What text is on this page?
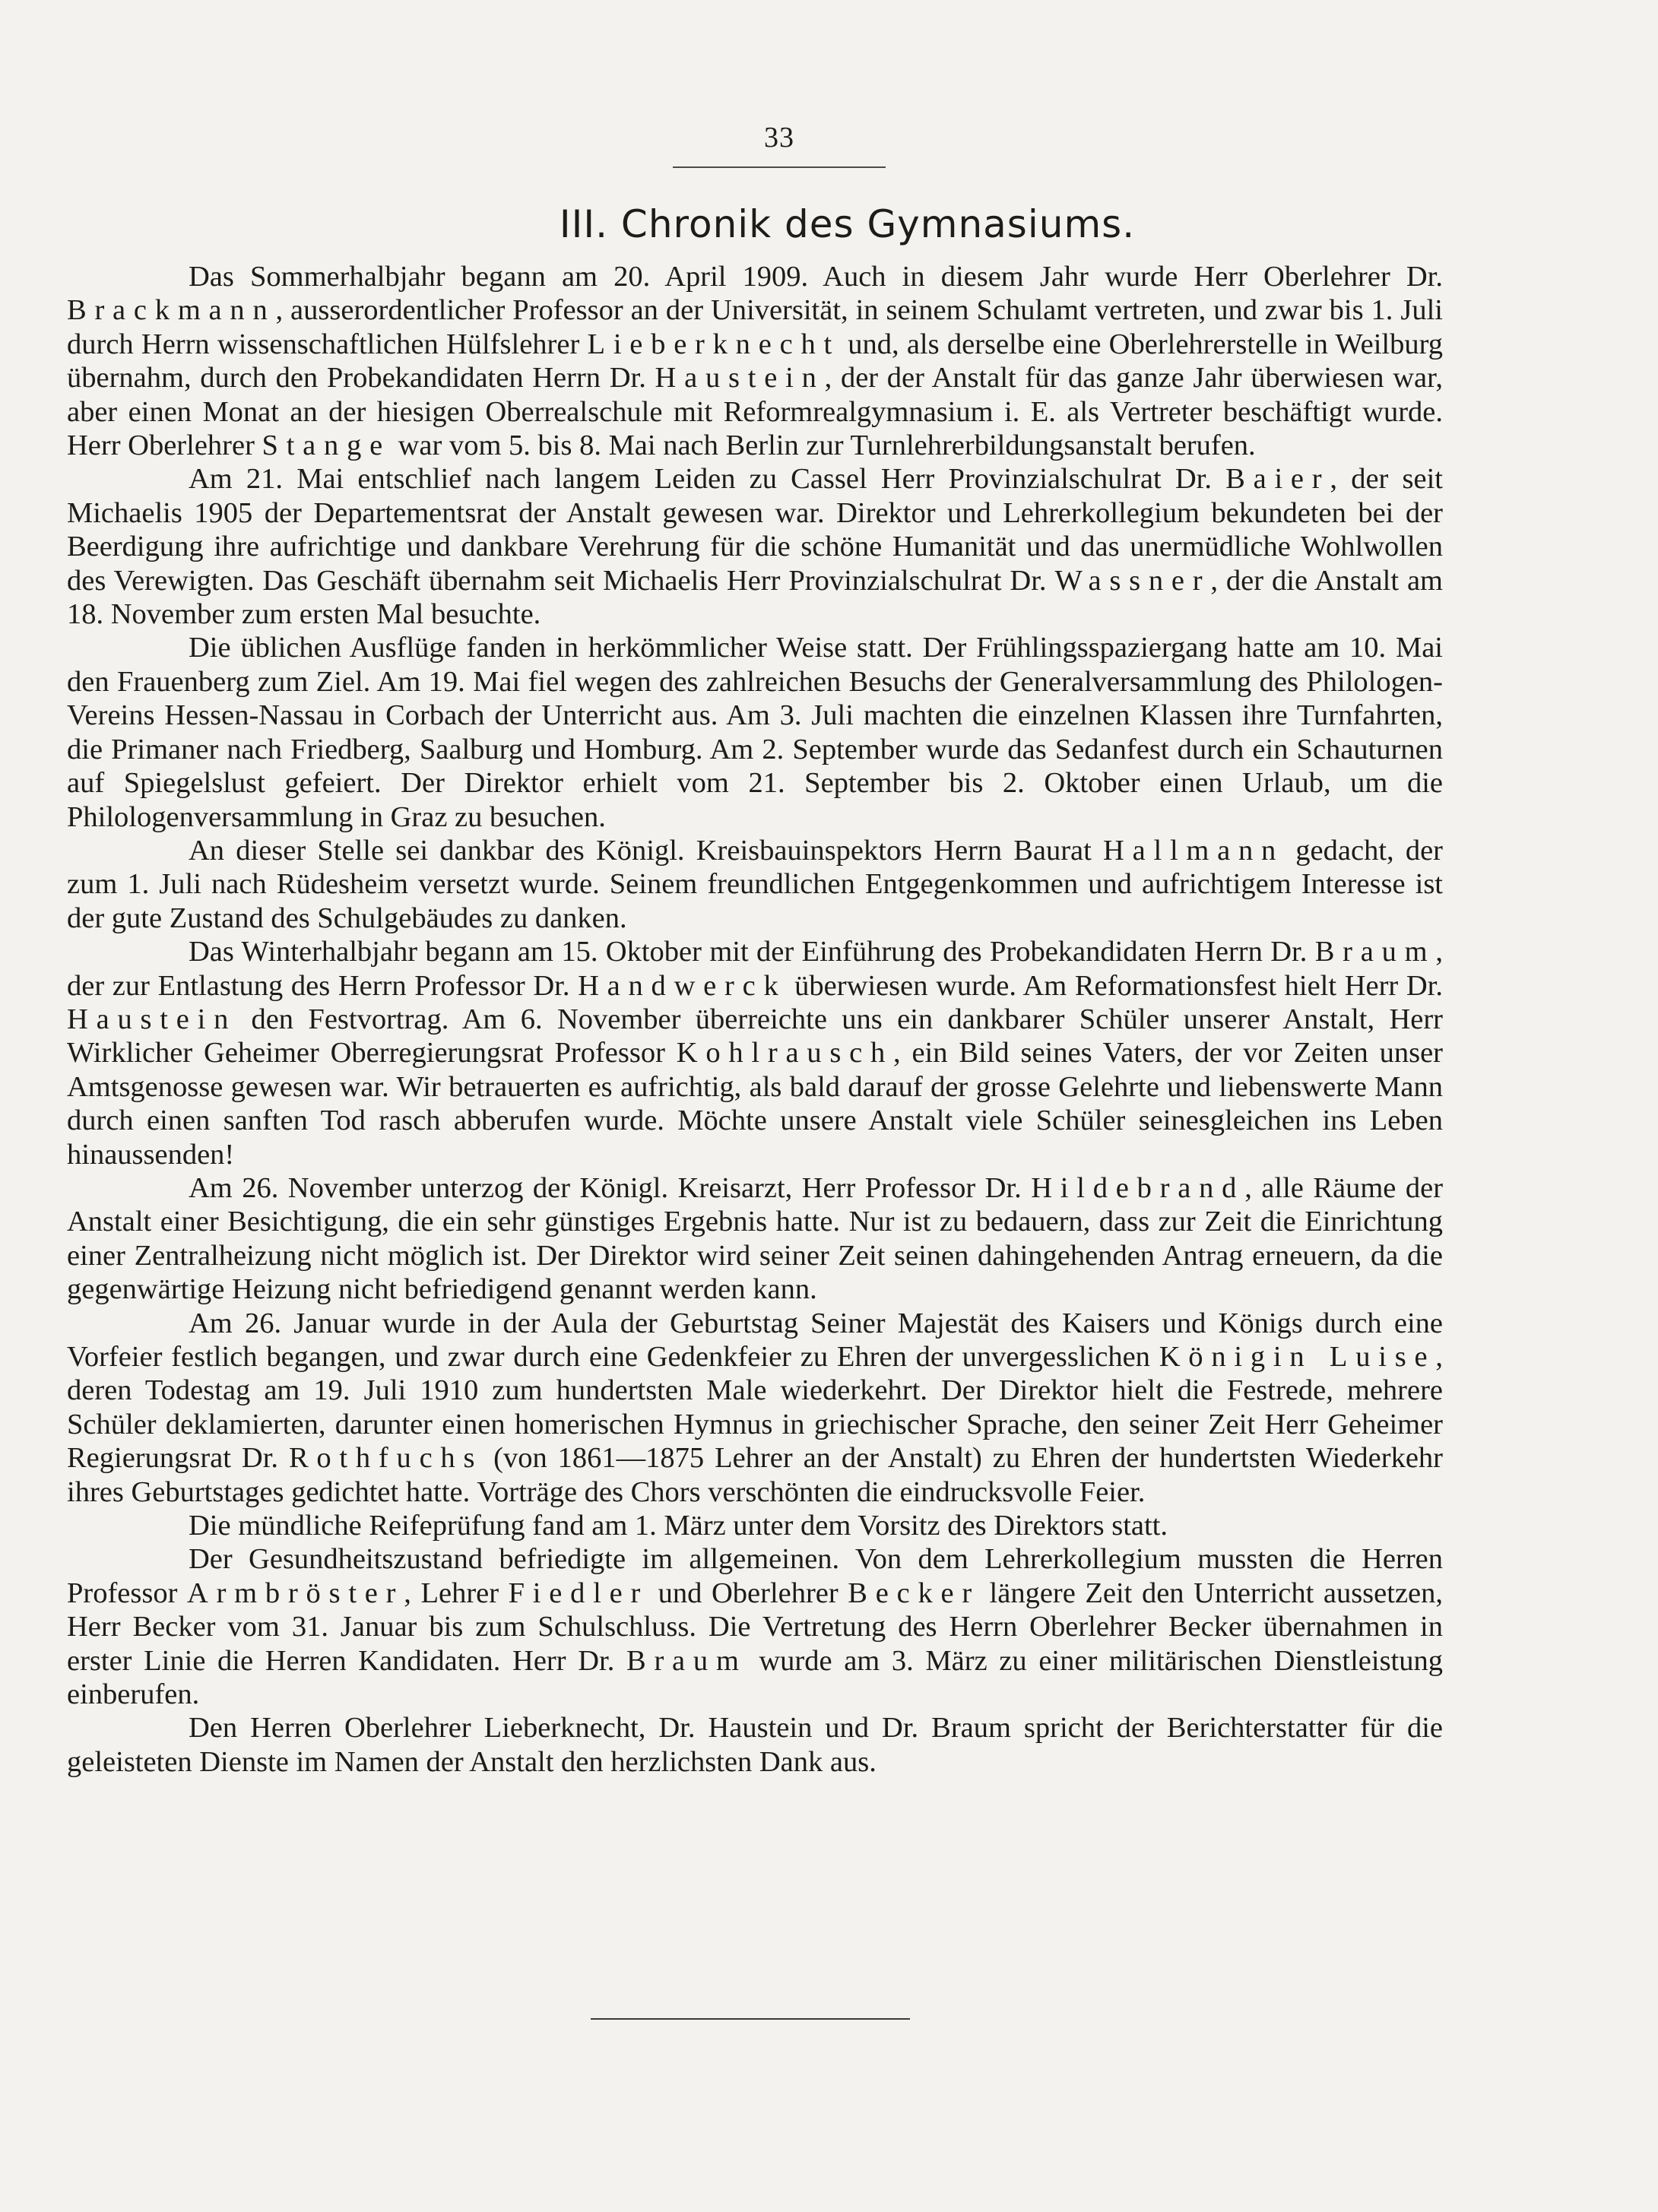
33
III. Chronik des Gymnasiums.

Das Sommerhalbjahr begann am 20. April 1909. Auch in diesem Jahr wurde Herr Oberlehrer Dr. Brackmann, ausserordentlicher Professor an der Universität, in seinem Schulamt vertreten, und zwar bis 1. Juli durch Herrn wissenschaftlichen Hülfslehrer Lieberknecht und, als derselbe eine Oberlehrerstelle in Weilburg übernahm, durch den Probekandidaten Herrn Dr. Haustein, der der Anstalt für das ganze Jahr überwiesen war, aber einen Monat an der hiesigen Oberrealschule mit Reformrealgymnasium i. E. als Vertreter beschäftigt wurde. Herr Oberlehrer Stange war vom 5. bis 8. Mai nach Berlin zur Turnlehrerbildungsanstalt berufen.

Am 21. Mai entschlief nach langem Leiden zu Cassel Herr Provinzialschulrat Dr. Baier, der seit Michaelis 1905 der Departementsrat der Anstalt gewesen war. Direktor und Lehrerkollegium bekundeten bei der Beerdigung ihre aufrichtige und dankbare Verehrung für die schöne Humanität und das unermüdliche Wohlwollen des Verewigten. Das Geschäft übernahm seit Michaelis Herr Provinzialschulrat Dr. Wassner, der die Anstalt am 18. November zum ersten Mal besuchte.

Die üblichen Ausflüge fanden in herkömmlicher Weise statt. Der Frühlingsspaziergang hatte am 10. Mai den Frauenberg zum Ziel. Am 19. Mai fiel wegen des zahlreichen Besuchs der Generalversammlung des Philologen-Vereins Hessen-Nassau in Corbach der Unterricht aus. Am 3. Juli machten die einzelnen Klassen ihre Turnfahrten, die Primaner nach Friedberg, Saalburg und Homburg. Am 2. September wurde das Sedanfest durch ein Schauturnen auf Spiegelslust gefeiert. Der Direktor erhielt vom 21. September bis 2. Oktober einen Urlaub, um die Philologenversammlung in Graz zu besuchen.

An dieser Stelle sei dankbar des Königl. Kreisbauinspektors Herrn Baurat Hallmann gedacht, der zum 1. Juli nach Rüdesheim versetzt wurde. Seinem freundlichen Entgegenkommen und aufrichtigem Interesse ist der gute Zustand des Schulgebäudes zu danken.

Das Winterhalbjahr begann am 15. Oktober mit der Einführung des Probekandidaten Herrn Dr. Braum, der zur Entlastung des Herrn Professor Dr. Handwerck überwiesen wurde. Am Reformationsfest hielt Herr Dr. Haustein den Festvortrag. Am 6. November überreichte uns ein dankbarer Schüler unserer Anstalt, Herr Wirklicher Geheimer Oberregierungsrat Professor Kohlrausch, ein Bild seines Vaters, der vor Zeiten unser Amtsgenosse gewesen war. Wir betrauerten es aufrichtig, als bald darauf der grosse Gelehrte und liebenswerte Mann durch einen sanften Tod rasch abberufen wurde. Möchte unsere Anstalt viele Schüler seinesgleichen ins Leben hinaussenden!

Am 26. November unterzog der Königl. Kreisarzt, Herr Professor Dr. Hildebrand, alle Räume der Anstalt einer Besichtigung, die ein sehr günstiges Ergebnis hatte. Nur ist zu bedauern, dass zur Zeit die Einrichtung einer Zentralheizung nicht möglich ist. Der Direktor wird seiner Zeit seinen dahingehenden Antrag erneuern, da die gegenwärtige Heizung nicht befriedigend genannt werden kann.

Am 26. Januar wurde in der Aula der Geburtstag Seiner Majestät des Kaisers und Königs durch eine Vorfeier festlich begangen, und zwar durch eine Gedenkfeier zu Ehren der unvergesslichen Königin Luise, deren Todestag am 19. Juli 1910 zum hundertsten Male wiederkehrt. Der Direktor hielt die Festrede, mehrere Schüler deklamierten, darunter einen homerischen Hymnus in griechischer Sprache, den seiner Zeit Herr Geheimer Regierungsrat Dr. Rothfuchs (von 1861—1875 Lehrer an der Anstalt) zu Ehren der hundertsten Wiederkehr ihres Geburtstages gedichtet hatte. Vorträge des Chors verschönten die eindrucksvolle Feier.

Die mündliche Reifeprüfung fand am 1. März unter dem Vorsitz des Direktors statt.

Der Gesundheitszustand befriedigte im allgemeinen. Von dem Lehrerkollegium mussten die Herren Professor Armbröster, Lehrer Fiedler und Oberlehrer Becker längere Zeit den Unterricht aussetzen, Herr Becker vom 31. Januar bis zum Schulschluss. Die Vertretung des Herrn Oberlehrer Becker übernahmen in erster Linie die Herren Kandidaten. Herr Dr. Braum wurde am 3. März zu einer militärischen Dienstleistung einberufen.

Den Herren Oberlehrer Lieberknecht, Dr. Haustein und Dr. Braum spricht der Berichterstatter für die geleisteten Dienste im Namen der Anstalt den herzlichsten Dank aus.
